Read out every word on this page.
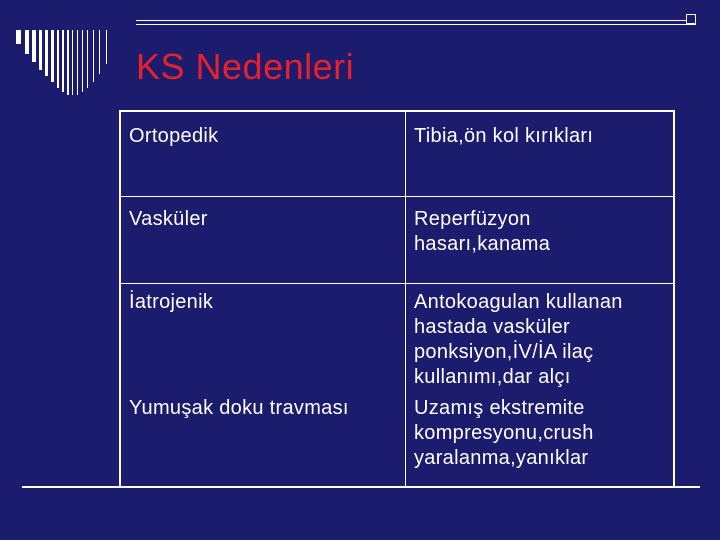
KS Nedenleri
Ortopedik	Tibia,ön kol kırıkları

Vasküler	Reperfüzyon
hasarı,kanama

İatrojenik	Antokoagulan kullanan
hastada vasküler
ponksiyon,İV/İA ilaç
kullanımı,dar alçı

Yumuşak doku travması	Uzamış ekstremite
kompresyonu,crush
yaralanma,yanıklar
